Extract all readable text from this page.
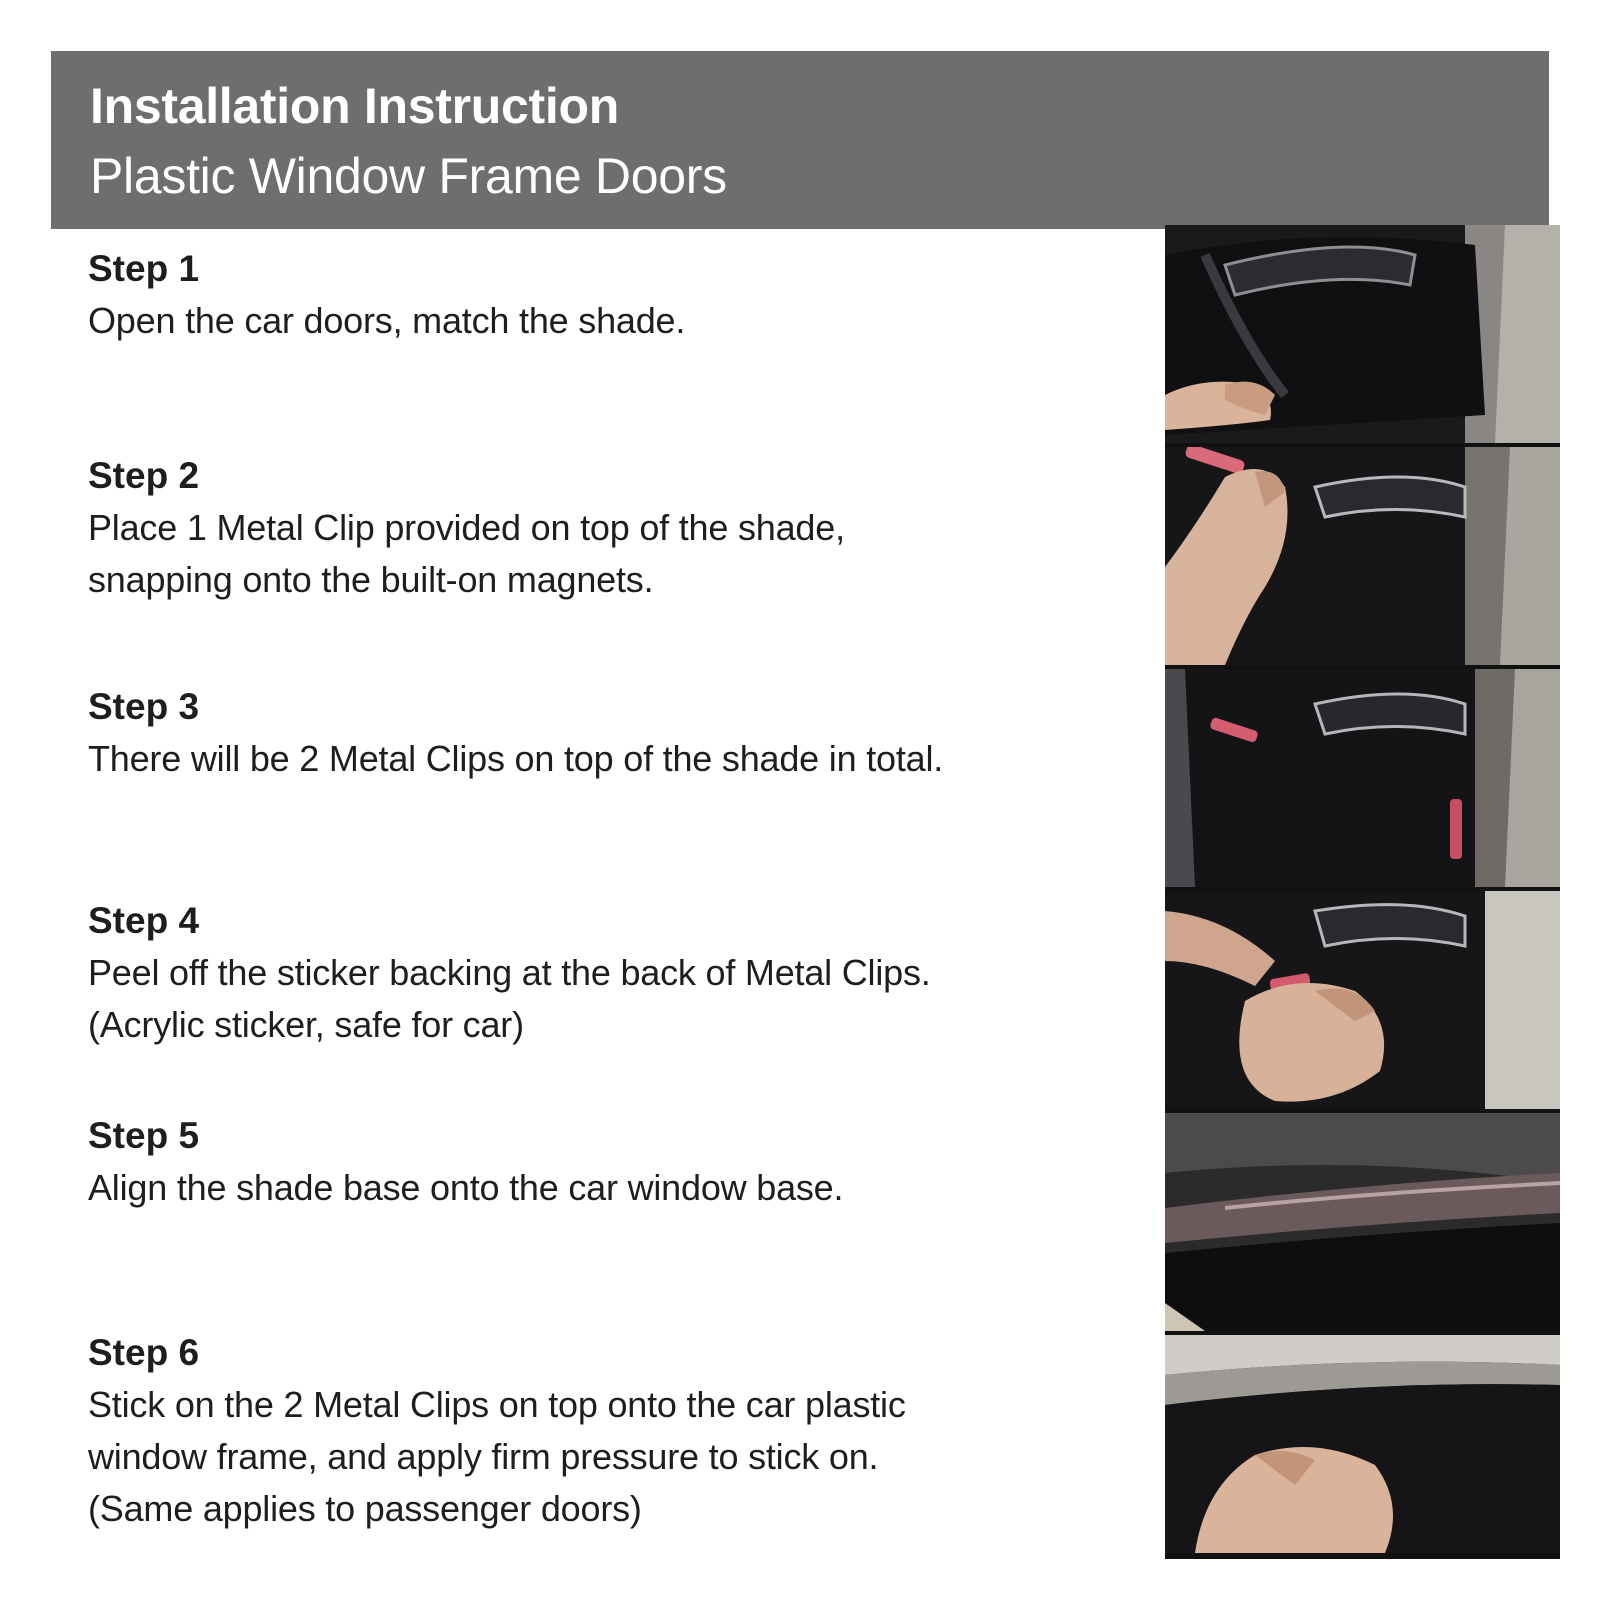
Installation Instruction
Plastic Window Frame Doors
Step 1
Open the car doors, match the shade.
Step 2
Place 1 Metal Clip provided on top of the shade,
snapping onto the built-on magnets.
Step 3
There will be 2 Metal Clips on top of the shade in total.
Step 4
Peel off the sticker backing at the back of Metal Clips.
(Acrylic sticker, safe for car)
Step 5
Align the shade base onto the car window base.
Step 6
Stick on the 2 Metal Clips on top onto the car plastic
window frame, and apply firm pressure to stick on.
(Same applies to passenger doors)
